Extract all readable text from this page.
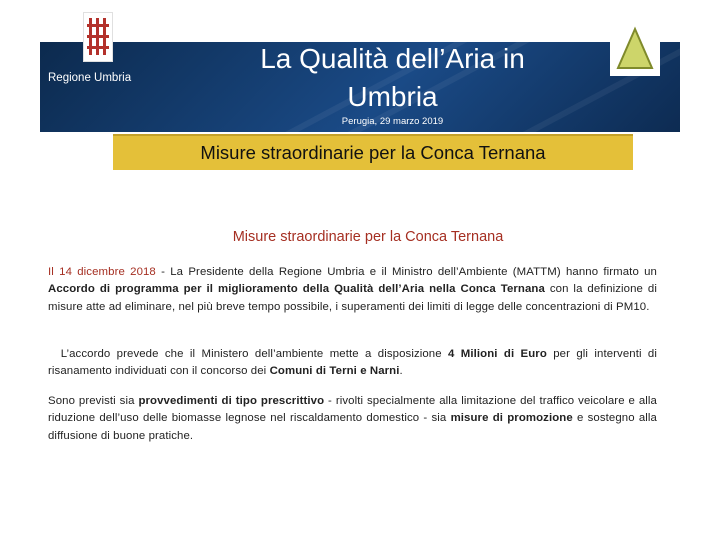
Regione Umbria
La Qualità dell’Aria in Umbria
Perugia, 29 marzo 2019
Misure straordinarie per la Conca Ternana
Misure straordinarie per la Conca Ternana
Il 14 dicembre 2018 - La Presidente della Regione Umbria e il Ministro dell’Ambiente (MATTM) hanno firmato un Accordo di programma per il miglioramento della Qualità dell’Aria nella Conca Ternana con la definizione di misure atte ad eliminare, nel più breve tempo possibile, i superamenti dei limiti di legge delle concentrazioni di PM10.
L’accordo prevede che il Ministero dell’ambiente mette a disposizione 4 Milioni di Euro per gli interventi di risanamento individuati con il concorso dei Comuni di Terni e Narni.
Sono previsti sia provvedimenti di tipo prescrittivo - rivolti specialmente alla limitazione del traffico veicolare e alla riduzione dell’uso delle biomasse legnose nel riscaldamento domestico - sia misure di promozione e sostegno alla diffusione di buone pratiche.
